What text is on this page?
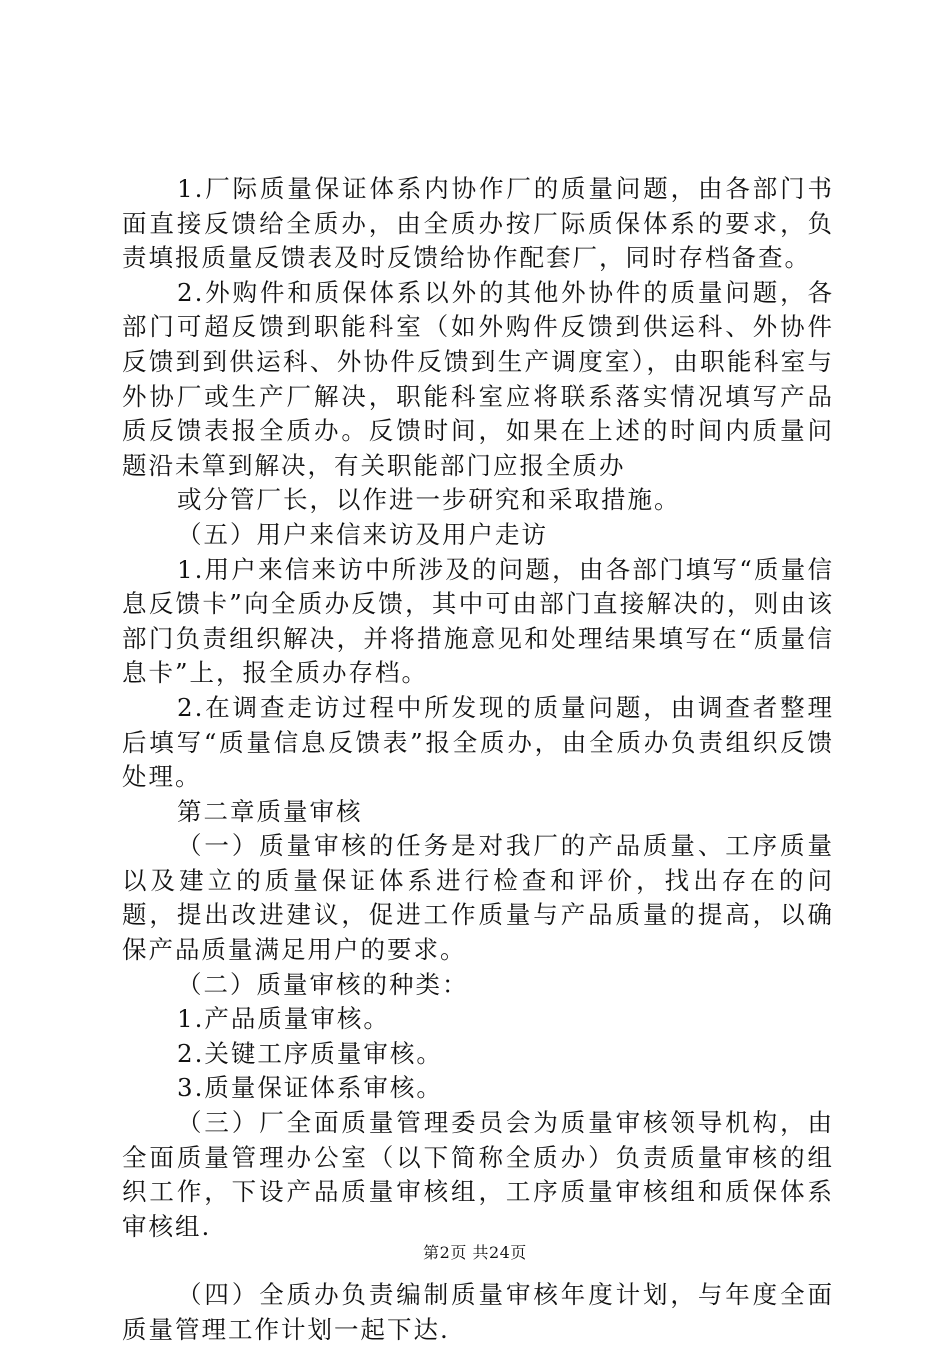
1.厂际质量保证体系内协作厂的质量问题，由各部门书面直接反馈给全质办，由全质办按厂际质保体系的要求，负责填报质量反馈表及时反馈给协作配套厂，同时存档备查。

2.外购件和质保体系以外的其他外协件的质量问题，各部门可超反馈到职能科室（如外购件反馈到供运科、外协件反馈到到供运科、外协件反馈到生产调度室），由职能科室与外协厂或生产厂解决，职能科室应将联系落实情况填写产品质反馈表报全质办。反馈时间，如果在上述的时间内质量问题沿未筸到解决，有关职能部门应报全质办

或分管厂长，以作进一步研究和采取措施。

（五）用户来信来访及用户走访

1.用户来信来访中所涉及的问题，由各部门填写“质量信息反馈卡”向全质办反馈，其中可由部门直接解决的，则由该部门负责组织解决，并将措施意见和处理结果填写在“质量信息卡”上，报全质办存档。

2.在调查走访过程中所发现的质量问题，由调查者整理后填写“质量信息反馈表”报全质办，由全质办负责组织反馈处理。

第二章质量审核

（一）质量审核的任务是对我厂的产品质量、工序质量以及建立的质量保证体系进行检查和评价，找出存在的问题，提出改进建议，促进工作质量与产品质量的提高，以确保产品质量满足用户的要求。

（二）质量审核的种类：

1.产品质量审核。

2.关键工序质量审核。

3.质量保证体系审核。

（三）厂全面质量管理委员会为质量审核领导机构，由全面质量管理办公室（以下简称全质办）负责质量审核的组织工作，下设产品质量审核组，工序质量审核组和质保体系审核组.

（四）全质办负责编制质量审核年度计划，与年度全面质量管理工作计划一起下达.

第2页 共24页
